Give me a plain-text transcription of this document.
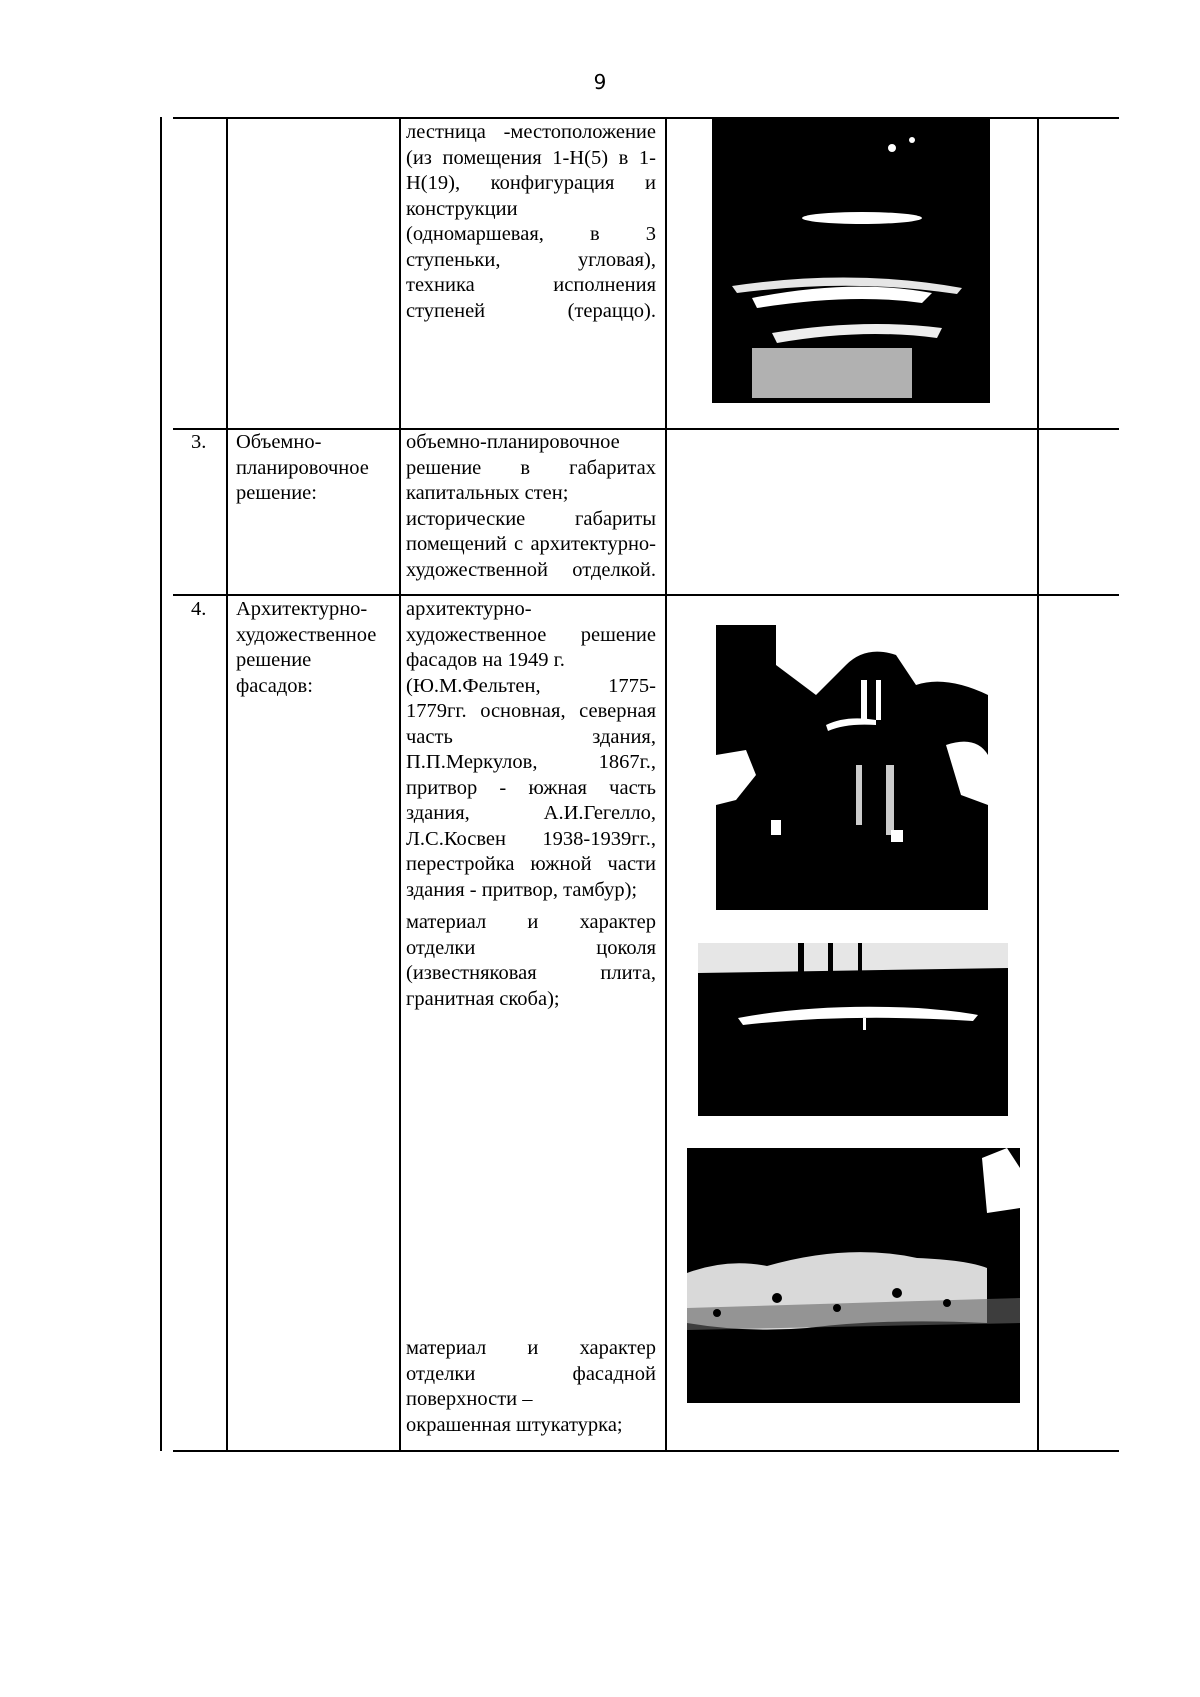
9
лестница -местоположение
(из помещения 1-Н(5) в 1-
Н(19), конфигурация и
конструкции
(одномаршевая, в 3
ступеньки, угловая),
техника исполнения
ступеней (тераццо).
3. Объемно-
планировочное
решение:
объемно-планировочное
решение в габаритах
капитальных стен;
исторические габариты
помещений с архитектурно-
художественной отделкой.
4. Архитектурно-
художественное
решение
фасадов:
архитектурно-
художественное решение
фасадов на 1949 г.
(Ю.М.Фельтен, 1775-
1779гг. основная, северная
часть здания,
П.П.Меркулов, 1867г.,
притвор - южная часть
здания, А.И.Гегелло,
Л.С.Косвен 1938-1939гг.,
перестройка южной части
здания - притвор, тамбур);
материал и характер
отделки цоколя
(известняковая плита,
гранитная скоба);
материал и характер
отделки фасадной
поверхности –
окрашенная штукатурка;
